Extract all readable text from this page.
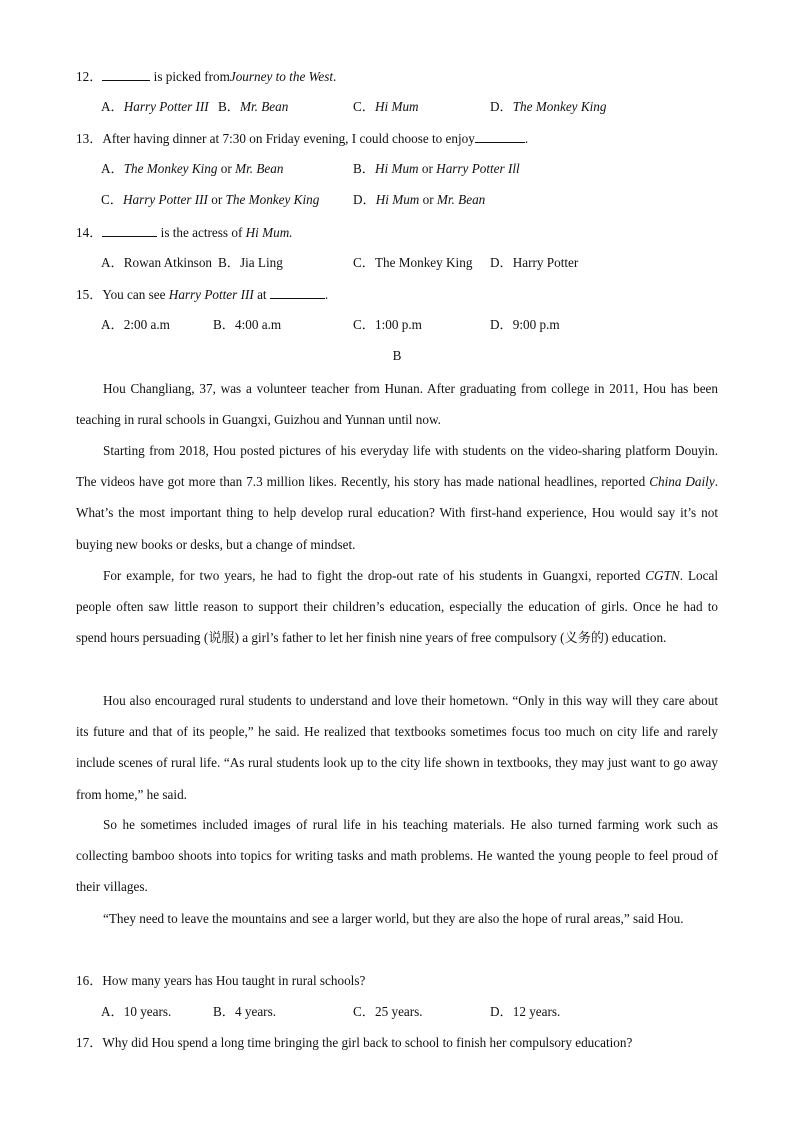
12．	is picked fromJourney to the West.
A．Harry Potter III B．Mr. Bean	C．Hi Mum	D．The Monkey King
13．After having dinner at 7:30 on Friday evening, I could choose to enjoy	.
A．The Monkey King or Mr. Bean	B．Hi Mum or Harry Potter Ill
C．Harry Potter III or The Monkey King	D．Hi Mum or Mr. Bean
14．	is the actress of Hi Mum.
A．Rowan Atkinson B．Jia Ling	C．The Monkey King D．Harry Potter
15．You can see Harry Potter III at	.
A．2:00 a.m	B．4:00 a.m	C．1:00 p.m	D．9:00 p.m
B
Hou Changliang, 37, was a volunteer teacher from Hunan. After graduating from college in 2011, Hou has been teaching in rural schools in Guangxi, Guizhou and Yunnan until now.
Starting from 2018, Hou posted pictures of his everyday life with students on the video-sharing platform Douyin. The videos have got more than 7.3 million likes. Recently, his story has made national headlines, reported China Daily. What’s the most important thing to help develop rural education? With first-hand experience, Hou would say it’s not buying new books or desks, but a change of mindset.
For example, for two years, he had to fight the drop-out rate of his students in Guangxi, reported CGTN. Local people often saw little reason to support their children’s education, especially the education of girls. Once he had to spend hours persuading (说服) a girl’s father to let her finish nine years of free compulsory (义务的) education.
Hou also encouraged rural students to understand and love their hometown. “Only in this way will they care about its future and that of its people,” he said. He realized that textbooks sometimes focus too much on city life and rarely include scenes of rural life. “As rural students look up to the city life shown in textbooks, they may just want to go away from home,” he said.
So he sometimes included images of rural life in his teaching materials. He also turned farming work such as collecting bamboo shoots into topics for writing tasks and math problems. He wanted the young people to feel proud of their villages.
“They need to leave the mountains and see a larger world, but they are also the hope of rural areas,” said Hou.
16．How many years has Hou taught in rural schools?
A．10 years.	B．4 years.	C．25 years.	D．12 years.
17．Why did Hou spend a long time bringing the girl back to school to finish her compulsory education?
